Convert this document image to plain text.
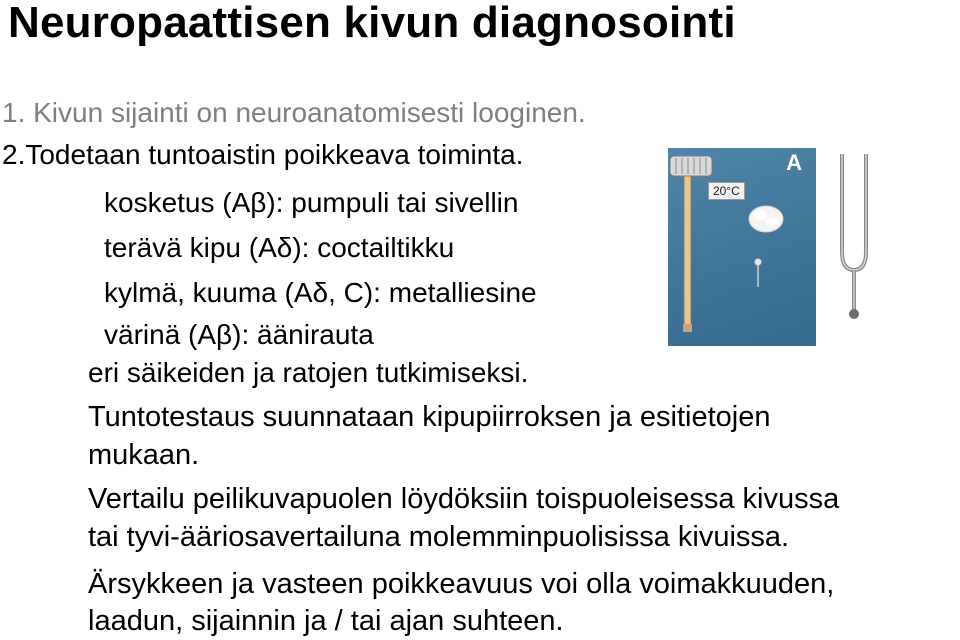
Neuropaattisen kivun diagnosointi
1. Kivun sijainti on neuroanatomisesti looginen.
2.Todetaan tuntoaistin poikkeava toiminta.
kosketus (Aβ): pumpuli tai sivellin
terävä kipu (Aδ): coctailtikku
kylmä, kuuma (Aδ, C): metalliesine
värinä (Aβ): äänirauta
eri säikeiden ja ratojen tutkimiseksi.
Tuntotestaus suunnataan kipupiirroksen ja esitietojen
mukaan.
Vertailu peilikuvapuolen löydöksiin toispuoleisessa kivussa
tai tyvi-ääriosavertailuna molemminpuolisissa kivuissa.
Ärsykkeen ja vasteen poikkeavuus voi olla voimakkuuden,
laadun, sijainnin ja / tai ajan suhteen.
A
20°C
